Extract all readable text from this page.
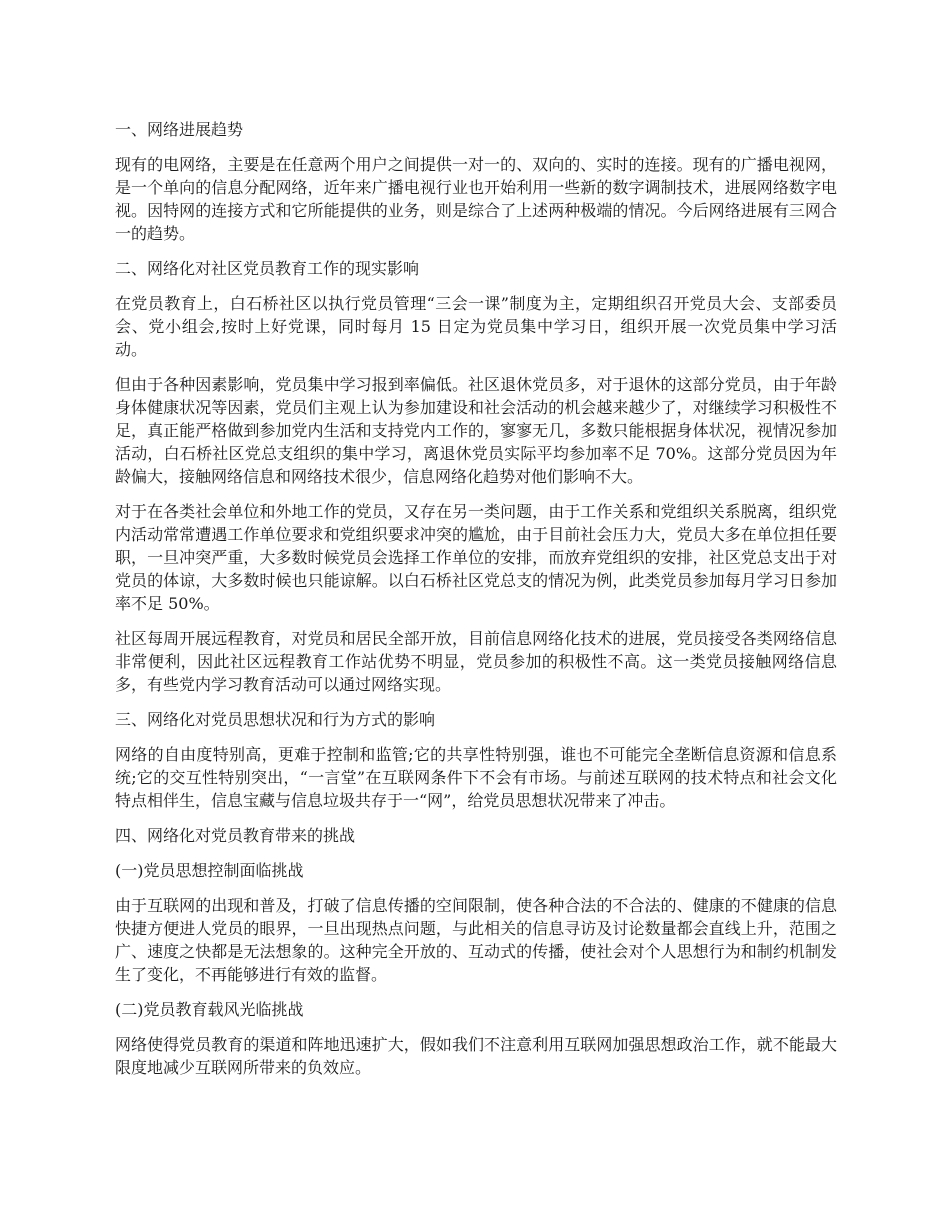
一、网络进展趋势
现有的电网络，主要是在任意两个用户之间提供一对一的、双向的、实时的连接。现有的广播电视网，是一个单向的信息分配网络，近年来广播电视行业也开始利用一些新的数字调制技术，进展网络数字电视。因特网的连接方式和它所能提供的业务，则是综合了上述两种极端的情况。今后网络进展有三网合一的趋势。
二、网络化对社区党员教育工作的现实影响
在党员教育上，白石桥社区以执行党员管理“三会一课”制度为主，定期组织召开党员大会、支部委员会、党小组会,按时上好党课，同时每月 15 日定为党员集中学习日，组织开展一次党员集中学习活动。
但由于各种因素影响，党员集中学习报到率偏低。社区退休党员多，对于退休的这部分党员，由于年龄身体健康状况等因素，党员们主观上认为参加建设和社会活动的机会越来越少了，对继续学习积极性不足，真正能严格做到参加党内生活和支持党内工作的，寥寥无几，多数只能根据身体状况，视情况参加活动，白石桥社区党总支组织的集中学习，离退休党员实际平均参加率不足 70%。这部分党员因为年龄偏大，接触网络信息和网络技术很少，信息网络化趋势对他们影响不大。
对于在各类社会单位和外地工作的党员，又存在另一类问题，由于工作关系和党组织关系脱离，组织党内活动常常遭遇工作单位要求和党组织要求冲突的尴尬，由于目前社会压力大，党员大多在单位担任要职，一旦冲突严重，大多数时候党员会选择工作单位的安排，而放弃党组织的安排，社区党总支出于对党员的体谅，大多数时候也只能谅解。以白石桥社区党总支的情况为例，此类党员参加每月学习日参加率不足 50%。
社区每周开展远程教育，对党员和居民全部开放，目前信息网络化技术的进展，党员接受各类网络信息非常便利，因此社区远程教育工作站优势不明显，党员参加的积极性不高。这一类党员接触网络信息多，有些党内学习教育活动可以通过网络实现。
三、网络化对党员思想状况和行为方式的影响
网络的自由度特别高，更难于控制和监管;它的共享性特别强，谁也不可能完全垄断信息资源和信息系统;它的交互性特别突出，“一言堂”在互联网条件下不会有市场。与前述互联网的技术特点和社会文化特点相伴生，信息宝藏与信息垃圾共存于一“网”，给党员思想状况带来了冲击。
四、网络化对党员教育带来的挑战
(一)党员思想控制面临挑战
由于互联网的出现和普及，打破了信息传播的空间限制，使各种合法的不合法的、健康的不健康的信息快捷方便进人党员的眼界，一旦出现热点问题，与此相关的信息寻访及讨论数量都会直线上升，范围之广、速度之快都是无法想象的。这种完全开放的、互动式的传播，使社会对个人思想行为和制约机制发生了变化，不再能够进行有效的监督。
(二)党员教育载风光临挑战
网络使得党员教育的渠道和阵地迅速扩大，假如我们不注意利用互联网加强思想政治工作，就不能最大限度地减少互联网所带来的负效应。
